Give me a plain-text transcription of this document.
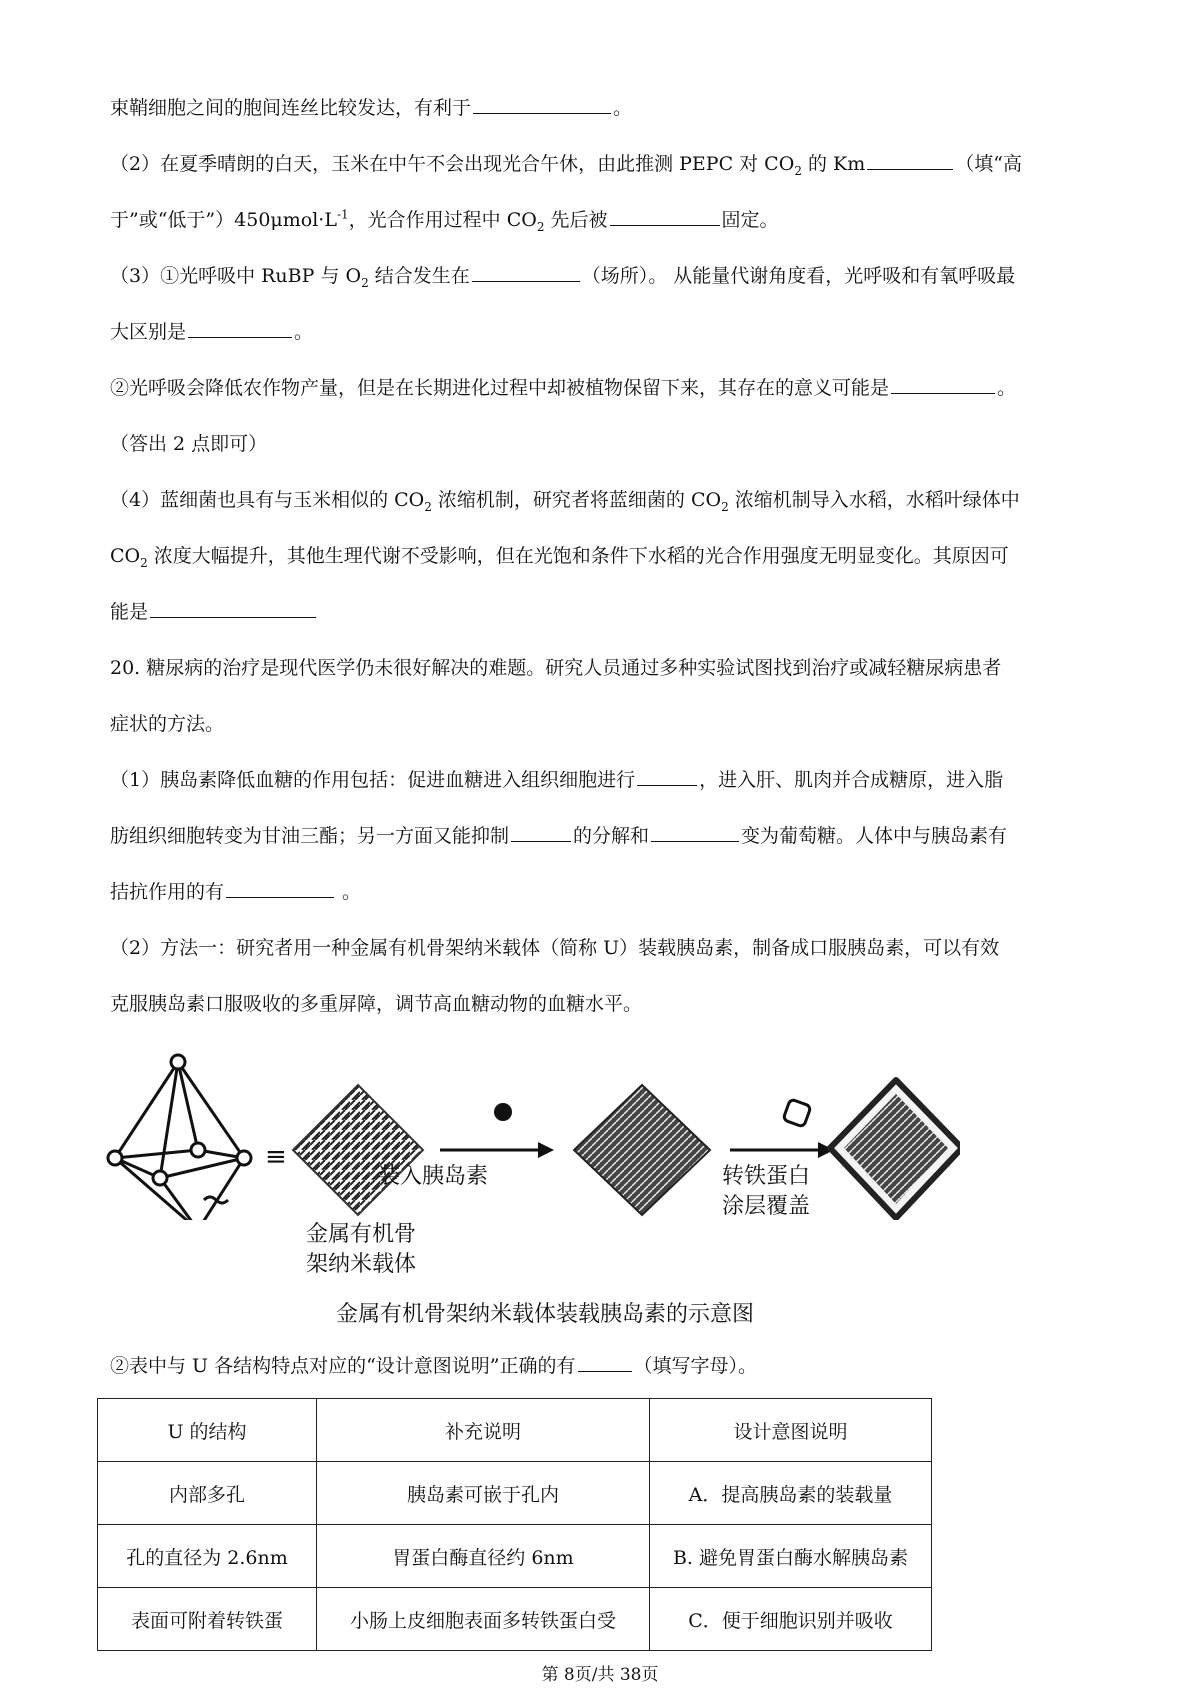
束鞘细胞之间的胞间连丝比较发达，有利于	。
（2）在夏季晴朗的白天，玉米在中午不会出现光合午休，由此推测 PEPC 对 $CO_2$ 的 Km	（填“高
于”或“低于$”)450\mu mol\cdot L^{-1}$，光合作用过程中 $CO_2$ 先后被	固定。
（3）①光呼吸中 RuBP 与 $O_2$ 结合发生在	（场所）。 从能量代谢角度看，光呼吸和有氧呼吸最
大区别是	。
②光呼吸会降低农作物产量，但是在长期进化过程中却被植物保留下来，其存在的意义可能是	。
（答出 2 点即可）
（4）蓝细菌也具有与玉米相似的 $CO_2$ 浓缩机制，研究者将蓝细菌的 $CO_2$ 浓缩机制导入水稻，水稻叶绿体中
$CO_2$ 浓度大幅提升，其他生理代谢不受影响，但在光饱和条件下水稻的光合作用强度无明显变化。其原因可
能是
20. 糖尿病的治疗是现代医学仍未很好解决的难题。研究人员通过多种实验试图找到治疗或减轻糖尿病患者
症状的方法。
（1）胰岛素降低血糖的作用包括：促进血糖进入组织细胞进行	，进入肝、肌肉并合成糖原，进入脂
肪组织细胞转变为甘油三酯；另一方面又能抑制	的分解和	变为葡萄糖。人体中与胰岛素有
拮抗作用的有	。
（2）方法一：研究者用一种金属有机骨架纳米载体（简称 U）装载胰岛素，制备成口服胰岛素，可以有效
克服胰岛素口服吸收的多重屏障，调节高血糖动物的血糖水平。
≡
装入胰岛素	转铁蛋白
涂层覆盖
金属有机骨
架纳米载体
金属有机骨架纳米载体装载胰岛素的示意图
②表中与 U 各结构特点对应的“设计意图说明”正确的有	（填写字母）。
U 的结构	补充说明	设计意图说明
内部多孔	胰岛素可嵌于孔内	A．提高胰岛素的装载量
孔的直径为 2.6nm	胃蛋白酶直径约 6nm	B. 避免胃蛋白酶水解胰岛素
表面可附着转铁蛋	小肠上皮细胞表面多转铁蛋白受	C．便于细胞识别并吸收
第 8页/共 38页
